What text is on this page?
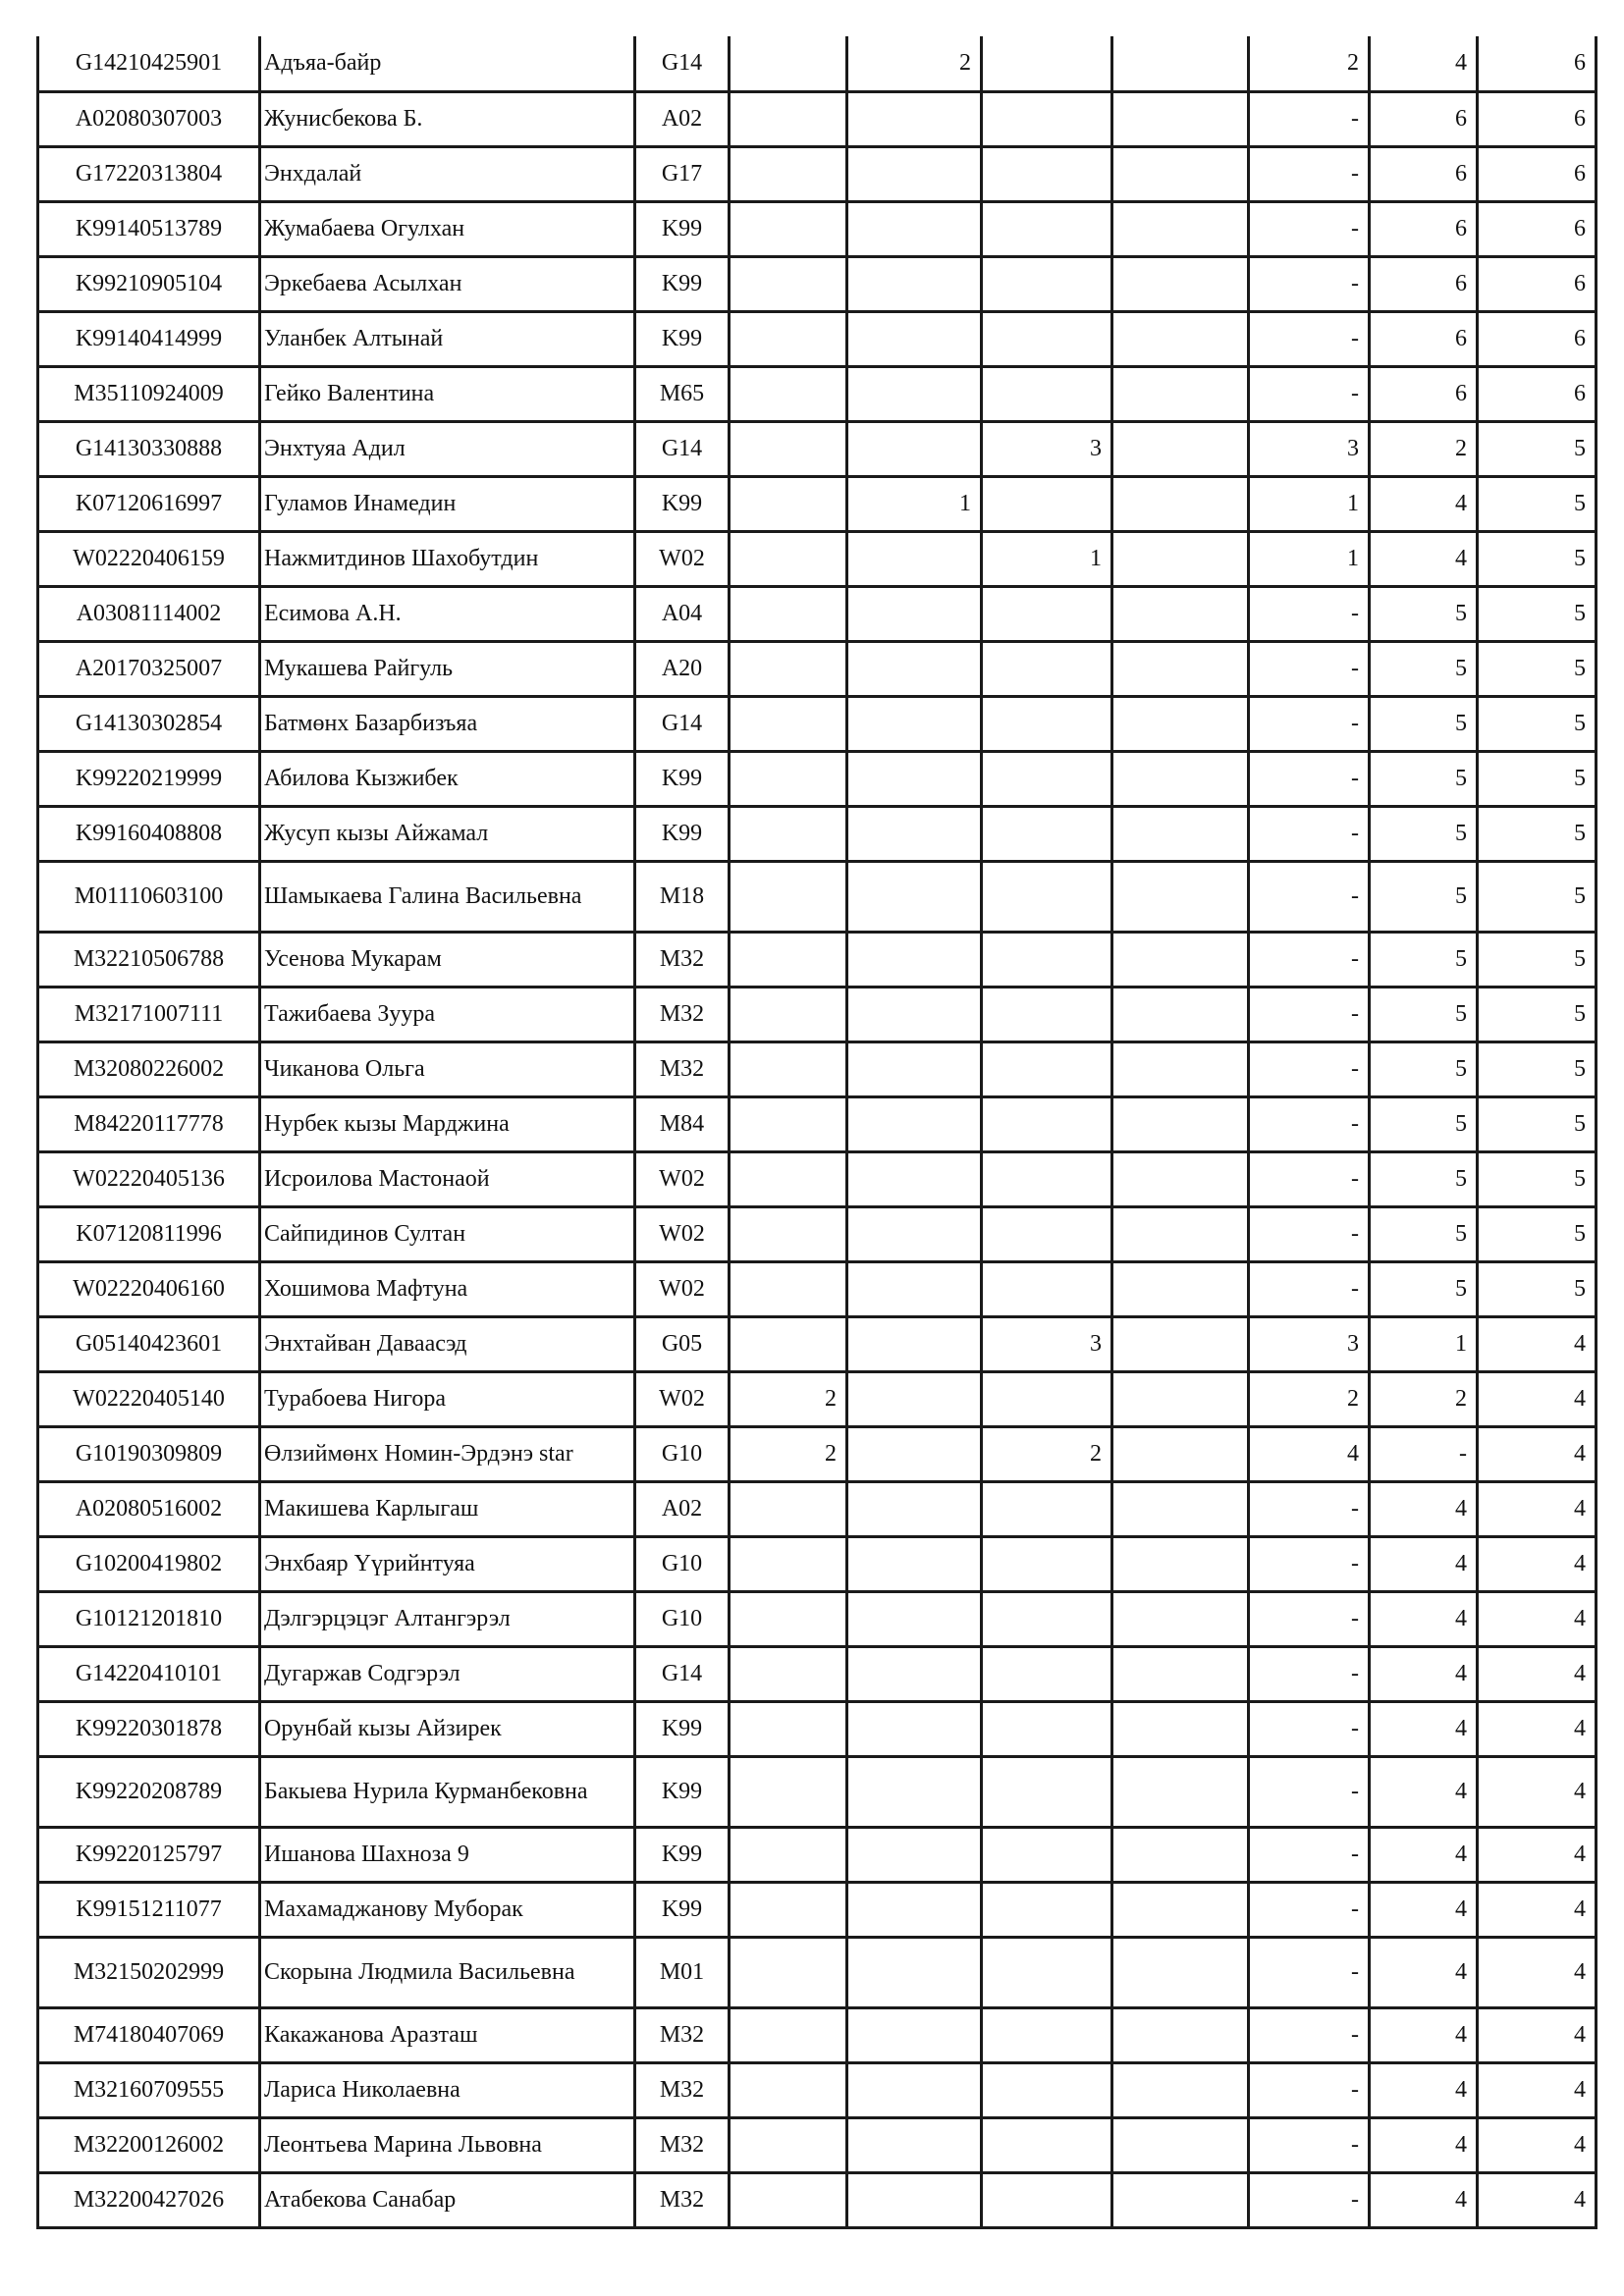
G14210425901	Адъяа-байр	G14		2			2	4	6
A02080307003	Жунисбекова Б.	A02					-	6	6
G17220313804	Энхдалай	G17					-	6	6
K99140513789	Жумабаева Огулхан	K99					-	6	6
K99210905104	Эркебаева Асылхан	K99					-	6	6
K99140414999	Уланбек Алтынай	K99					-	6	6
M35110924009	Гейко Валентина	M65					-	6	6
G14130330888	Энхтуяа Адил	G14			3		3	2	5
K07120616997	Гуламов Инамедин	K99		1			1	4	5
W02220406159	Нажмитдинов Шахобутдин	W02			1		1	4	5
A03081114002	Есимова А.Н.	A04					-	5	5
A20170325007	Мукашева Райгуль	A20					-	5	5
G14130302854	Батмөнх Базарбизъяа	G14					-	5	5
K99220219999	Абилова Кызжибек	K99					-	5	5
K99160408808	Жусуп кызы Айжамал	K99					-	5	5
M01110603100	Шамыкаева Галина Васильевна	M18					-	5	5
M32210506788	Усенова Мукарам	M32					-	5	5
M32171007111	Тажибаева Зуура	M32					-	5	5
M32080226002	Чиканова Ольга	M32					-	5	5
M84220117778	Нурбек кызы Марджина	M84					-	5	5
W02220405136	Исроилова Мастонаой	W02					-	5	5
K07120811996	Сайпидинов Султан	W02					-	5	5
W02220406160	Хошимова Мафтуна	W02					-	5	5
G05140423601	Энхтайван Даваасэд	G05			3		3	1	4
W02220405140	Турабоева Нигора	W02	2				2	2	4
G10190309809	Өлзиймөнх Номин-Эрдэнэ star	G10	2		2		4	-	4
A02080516002	Макишева Карлыгаш	A02					-	4	4
G10200419802	Энхбаяр Үүрийнтуяа	G10					-	4	4
G10121201810	Дэлгэрцэцэг Алтангэрэл	G10					-	4	4
G14220410101	Дугаржав Содгэрэл	G14					-	4	4
K99220301878	Орунбай кызы Айзирек	K99					-	4	4
K99220208789	Бакыева Нурила Курманбековна	K99					-	4	4
K99220125797	Ишанова Шахноза 9	K99					-	4	4
K99151211077	Махамаджанову Муборак	K99					-	4	4
M32150202999	Скорына Людмила Васильевна	M01					-	4	4
M74180407069	Какажанова Аразташ	M32					-	4	4
M32160709555	Лариса Николаевна	M32					-	4	4
M32200126002	Леонтьева Марина Львовна	M32					-	4	4
M32200427026	Атабекова Санабар	M32					-	4	4
